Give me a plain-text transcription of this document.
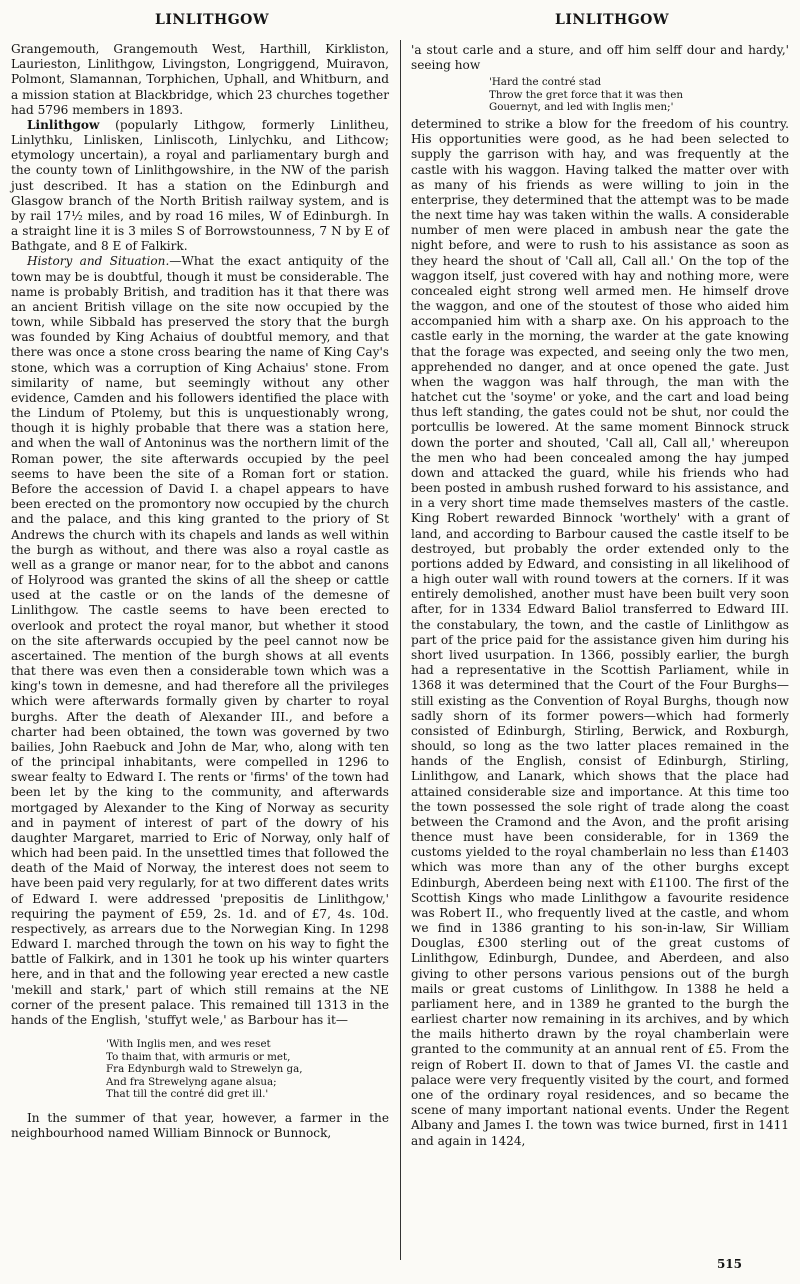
LINLITHGOW	LINLITHGOW

Grangemouth, Grangemouth West, Harthill, Kirkliston, Laurieston, Linlithgow, Livingston, Longriggend, Muiravon, Polmont, Slamannan, Torphichen, Uphall, and Whitburn, and a mission station at Blackbridge, which 23 churches together had 5796 members in 1893.

Linlithgow (popularly Lithgow, formerly Linlitheu, Linlythku, Linlisken, Linliscoth, Linlychku, and Lithcow; etymology uncertain), a royal and parliamentary burgh and the county town of Linlithgowshire, in the NW of the parish just described. It has a station on the Edinburgh and Glasgow branch of the North British railway system, and is by rail 17½ miles, and by road 16 miles, W of Edinburgh. In a straight line it is 3 miles S of Borrowstounness, 7 N by E of Bathgate, and 8 E of Falkirk.

History and Situation.—What the exact antiquity of the town may be is doubtful, though it must be considerable. The name is probably British, and tradition has it that there was an ancient British village on the site now occupied by the town, while Sibbald has preserved the story that the burgh was founded by King Achaius of doubtful memory, and that there was once a stone cross bearing the name of King Cay's stone, which was a corruption of King Achaius' stone. From similarity of name, but seemingly without any other evidence, Camden and his followers identified the place with the Lindum of Ptolemy, but this is unquestionably wrong, though it is highly probable that there was a station here, and when the wall of Antoninus was the northern limit of the Roman power, the site afterwards occupied by the peel seems to have been the site of a Roman fort or station. Before the accession of David I. a chapel appears to have been erected on the promontory now occupied by the church and the palace, and this king granted to the priory of St Andrews the church with its chapels and lands as well within the burgh as without, and there was also a royal castle as well as a grange or manor near, for to the abbot and canons of Holyrood was granted the skins of all the sheep or cattle used at the castle or on the lands of the demesne of Linlithgow. The castle seems to have been erected to overlook and protect the royal manor, but whether it stood on the site afterwards occupied by the peel cannot now be ascertained. The mention of the burgh shows at all events that there was even then a considerable town which was a king's town in demesne, and had therefore all the privileges which were afterwards formally given by charter to royal burghs. After the death of Alexander III., and before a charter had been obtained, the town was governed by two bailies, John Raebuck and John de Mar, who, along with ten of the principal inhabitants, were compelled in 1296 to swear fealty to Edward I. The rents or 'firms' of the town had been let by the king to the community, and afterwards mortgaged by Alexander to the King of Norway as security and in payment of interest of part of the dowry of his daughter Margaret, married to Eric of Norway, only half of which had been paid. In the unsettled times that followed the death of the Maid of Norway, the interest does not seem to have been paid very regularly, for at two different dates writs of Edward I. were addressed 'prepositis de Linlithgow,' requiring the payment of £59, 2s. 1d. and of £7, 4s. 10d. respectively, as arrears due to the Norwegian King. In 1298 Edward I. marched through the town on his way to fight the battle of Falkirk, and in 1301 he took up his winter quarters here, and in that and the following year erected a new castle 'mekill and stark,' part of which still remains at the NE corner of the present palace. This remained till 1313 in the hands of the English, 'stuffyt wele,' as Barbour has it—

'With Inglis men, and wes reset
To thaim that, with armuris or met,
Fra Edynburgh wald to Strewelyn ga,
And fra Strewelyng agane alsua;
That till the contré did gret ill.'

In the summer of that year, however, a farmer in the neighbourhood named William Binnock or Bunnock,

'a stout carle and a sture, and off him selff dour and hardy,' seeing how

'Hard the contré stad
Throw the gret force that it was then
Gouernyt, and led with Inglis men;'

determined to strike a blow for the freedom of his country. His opportunities were good, as he had been selected to supply the garrison with hay, and was frequently at the castle with his waggon. Having talked the matter over with as many of his friends as were willing to join in the enterprise, they determined that the attempt was to be made the next time hay was taken within the walls. A considerable number of men were placed in ambush near the gate the night before, and were to rush to his assistance as soon as they heard the shout of 'Call all, Call all.' On the top of the waggon itself, just covered with hay and nothing more, were concealed eight strong well armed men. He himself drove the waggon, and one of the stoutest of those who aided him accompanied him with a sharp axe. On his approach to the castle early in the morning, the warder at the gate knowing that the forage was expected, and seeing only the two men, apprehended no danger, and at once opened the gate. Just when the waggon was half through, the man with the hatchet cut the 'soyme' or yoke, and the cart and load being thus left standing, the gates could not be shut, nor could the portcullis be lowered. At the same moment Binnock struck down the porter and shouted, 'Call all, Call all,' whereupon the men who had been concealed among the hay jumped down and attacked the guard, while his friends who had been posted in ambush rushed forward to his assistance, and in a very short time made themselves masters of the castle. King Robert rewarded Binnock 'worthely' with a grant of land, and according to Barbour caused the castle itself to be destroyed, but probably the order extended only to the portions added by Edward, and consisting in all likelihood of a high outer wall with round towers at the corners. If it was entirely demolished, another must have been built very soon after, for in 1334 Edward Baliol transferred to Edward III. the constabulary, the town, and the castle of Linlithgow as part of the price paid for the assistance given him during his short lived usurpation. In 1366, possibly earlier, the burgh had a representative in the Scottish Parliament, while in 1368 it was determined that the Court of the Four Burghs—still existing as the Convention of Royal Burghs, though now sadly shorn of its former powers—which had formerly consisted of Edinburgh, Stirling, Berwick, and Roxburgh, should, so long as the two latter places remained in the hands of the English, consist of Edinburgh, Stirling, Linlithgow, and Lanark, which shows that the place had attained considerable size and importance. At this time too the town possessed the sole right of trade along the coast between the Cramond and the Avon, and the profit arising thence must have been considerable, for in 1369 the customs yielded to the royal chamberlain no less than £1403 which was more than any of the other burghs except Edinburgh, Aberdeen being next with £1100. The first of the Scottish Kings who made Linlithgow a favourite residence was Robert II., who frequently lived at the castle, and whom we find in 1386 granting to his son-in-law, Sir William Douglas, £300 sterling out of the great customs of Linlithgow, Edinburgh, Dundee, and Aberdeen, and also giving to other persons various pensions out of the burgh mails or great customs of Linlithgow. In 1388 he held a parliament here, and in 1389 he granted to the burgh the earliest charter now remaining in its archives, and by which the mails hitherto drawn by the royal chamberlain were granted to the community at an annual rent of £5. From the reign of Robert II. down to that of James VI. the castle and palace were very frequently visited by the court, and formed one of the ordinary royal residences, and so became the scene of many important national events. Under the Regent Albany and James I. the town was twice burned, first in 1411 and again in 1424,

515
